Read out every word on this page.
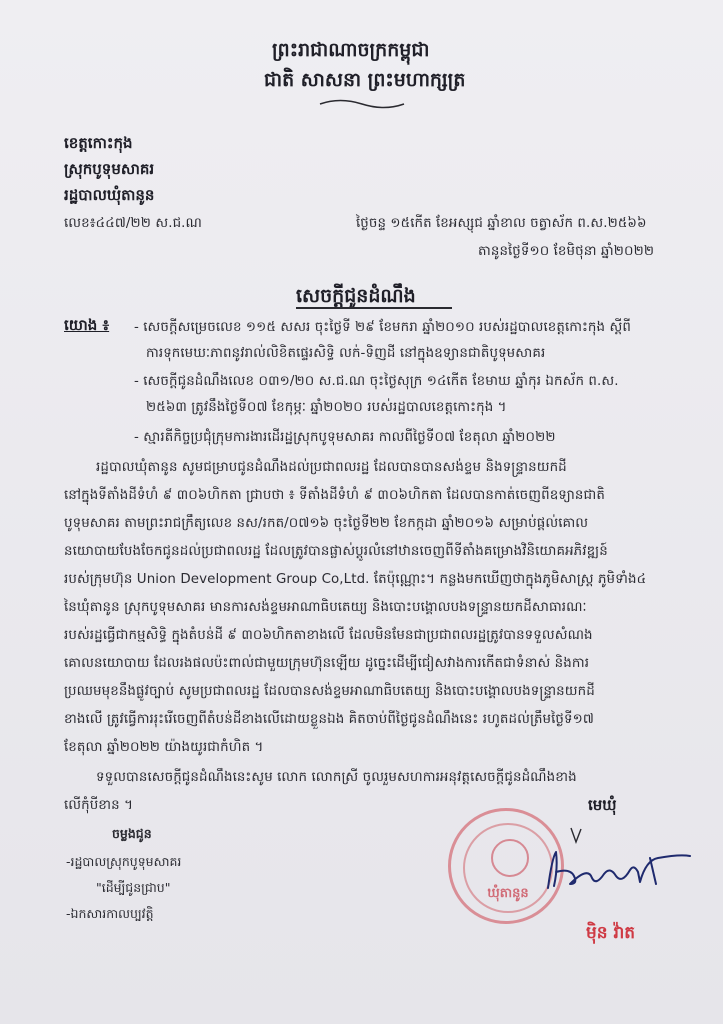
ព្រះរាជាណាចក្រកម្ពុជា
ជាតិ សាសនា ព្រះមហាក្សត្រ
ខេត្តកោះកុង
ស្រុកបូទុមសាគរ
រដ្ឋបាលឃុំតានូន
លេខ៖៤៤៧/២២ ស.ជ.ណ	ថ្ងៃចន្ទ ១៥កើត ខែអស្សុជ ឆ្នាំខាល ចត្វាស័ក ព.ស.២៥៦៦
តានូនថ្ងៃទី១០ ខែមិថុនា ឆ្នាំ២០២២
សេចក្ដីជូនដំណឹង
យោង ៖ - សេចក្ដីសម្រេចលេខ ១១៥ សសរ ចុះថ្ងៃទី ២៩ ខែមករា ឆ្នាំ២០១០ របស់រដ្ឋបាលខេត្តកោះកុង ស្ដីពី
ការទុកមេឃៈភាពនូវរាល់លិខិតផ្ទេរសិទ្ធិ លក់-ទិញដី នៅក្នុងឧទ្យានជាតិបូទុមសាគរ
- សេចក្ដីជូនដំណឹងលេខ ០៣១/២០ ស.ជ.ណ ចុះថ្ងៃសុក្រ ១៤កើត ខែមាឃ ឆ្នាំកុរ ឯកស័ក ព.ស.
២៥៦៣ ត្រូវនឹងថ្ងៃទី០៧ ខែកុម្ភៈ ឆ្នាំ២០២០ របស់រដ្ឋបាលខេត្តកោះកុង ។
- ស្មារតីកិច្ចប្រជុំក្រុមការងារដើរដ្ឋស្រុកបូទុមសាគរ កាលពីថ្ងៃទី០៧ ខែតុលា ឆ្នាំ២០២២
រដ្ឋបាលឃុំតានូន សូមជម្រាបជូនដំណឹងដល់ប្រជាពលរដ្ឋ ដែលបានបានសង់ខ្ទម និងទន្ទ្រានយកដី
នៅក្នុងទីតាំងដីទំហំ ៩ ៣០៦ហិកតា ជ្រាបថា ៖ ទីតាំងដីទំហំ ៩ ៣០៦ហិកតា ដែលបានកាត់ចេញពីឧទ្យានជាតិ
បូទុមសាគរ តាមព្រះរាជក្រឹត្យលេខ នស/រកត/០៧១៦ ចុះថ្ងៃទី២២ ខែកក្កដា ឆ្នាំ២០១៦ សម្រាប់ផ្ដល់គោល
នយោបាយបែងចែកជូនដល់ប្រជាពលរដ្ឋ ដែលត្រូវបានផ្លាស់ប្ដូរលំនៅឋានចេញពីទីតាំងគម្រោងវិនិយោគអភិវឌ្ឍន៍
របស់ក្រុមហ៊ុន Union Development Group Co,Ltd. តែប៉ុណ្ណោះ។ កន្លងមកឃើញថាក្នុងភូមិសាស្ត្រ ភូមិទាំង៤
នៃឃុំតានូន ស្រុកបូទុមសាគរ មានការសង់ខ្ទមអាណាធិបតេយ្យ និងបោះបង្គោលបងទន្ទ្រានយកដីសាធារណៈ
របស់រដ្ឋធ្វើជាកម្មសិទ្ធិ ក្នុងតំបន់ដី ៩ ៣០៦ហិកតាខាងលើ ដែលមិនមែនជាប្រជាពលរដ្ឋត្រូវបានទទួលសំណង
គោលនយោបាយ ដែលរងផលប៉ះពាល់ជាមួយក្រុមហ៊ុនឡើយ ដូច្នេះដើម្បីជៀសវាងការកើតជាទំនាស់ និងការ
ប្រឈមមុខនឹងផ្លូវច្បាប់ សូមប្រជាពលរដ្ឋ ដែលបានសង់ខ្ទមអាណាធិបតេយ្យ និងបោះបង្គោលបងទន្ទ្រានយកដី
ខាងលើ ត្រូវធ្វើការរុះរើចេញពីតំបន់ដីខាងលើដោយខ្លួនឯង គិតចាប់ពីថ្ងៃជូនដំណឹងនេះ រហូតដល់ត្រឹមថ្ងៃទី១៧
ខែតុលា ឆ្នាំ២០២២ យ៉ាងយូរជាកំហិត ។
ទទួលបានសេចក្ដីជូនដំណឹងនេះសូម លោក លោកស្រី ចូលរួមសហការអនុវត្តសេចក្ដីជូនដំណឹងខាង
លើកុំបីខាន ។
ចម្លងជូន
-រដ្ឋបាលស្រុកបូទុមសាគរ
"ដើម្បីជូនជ្រាប"
-ឯកសារកាលប្បវត្តិ
មេឃុំ
ឃុំតានូន
ម៉ិន វ៉ាត
